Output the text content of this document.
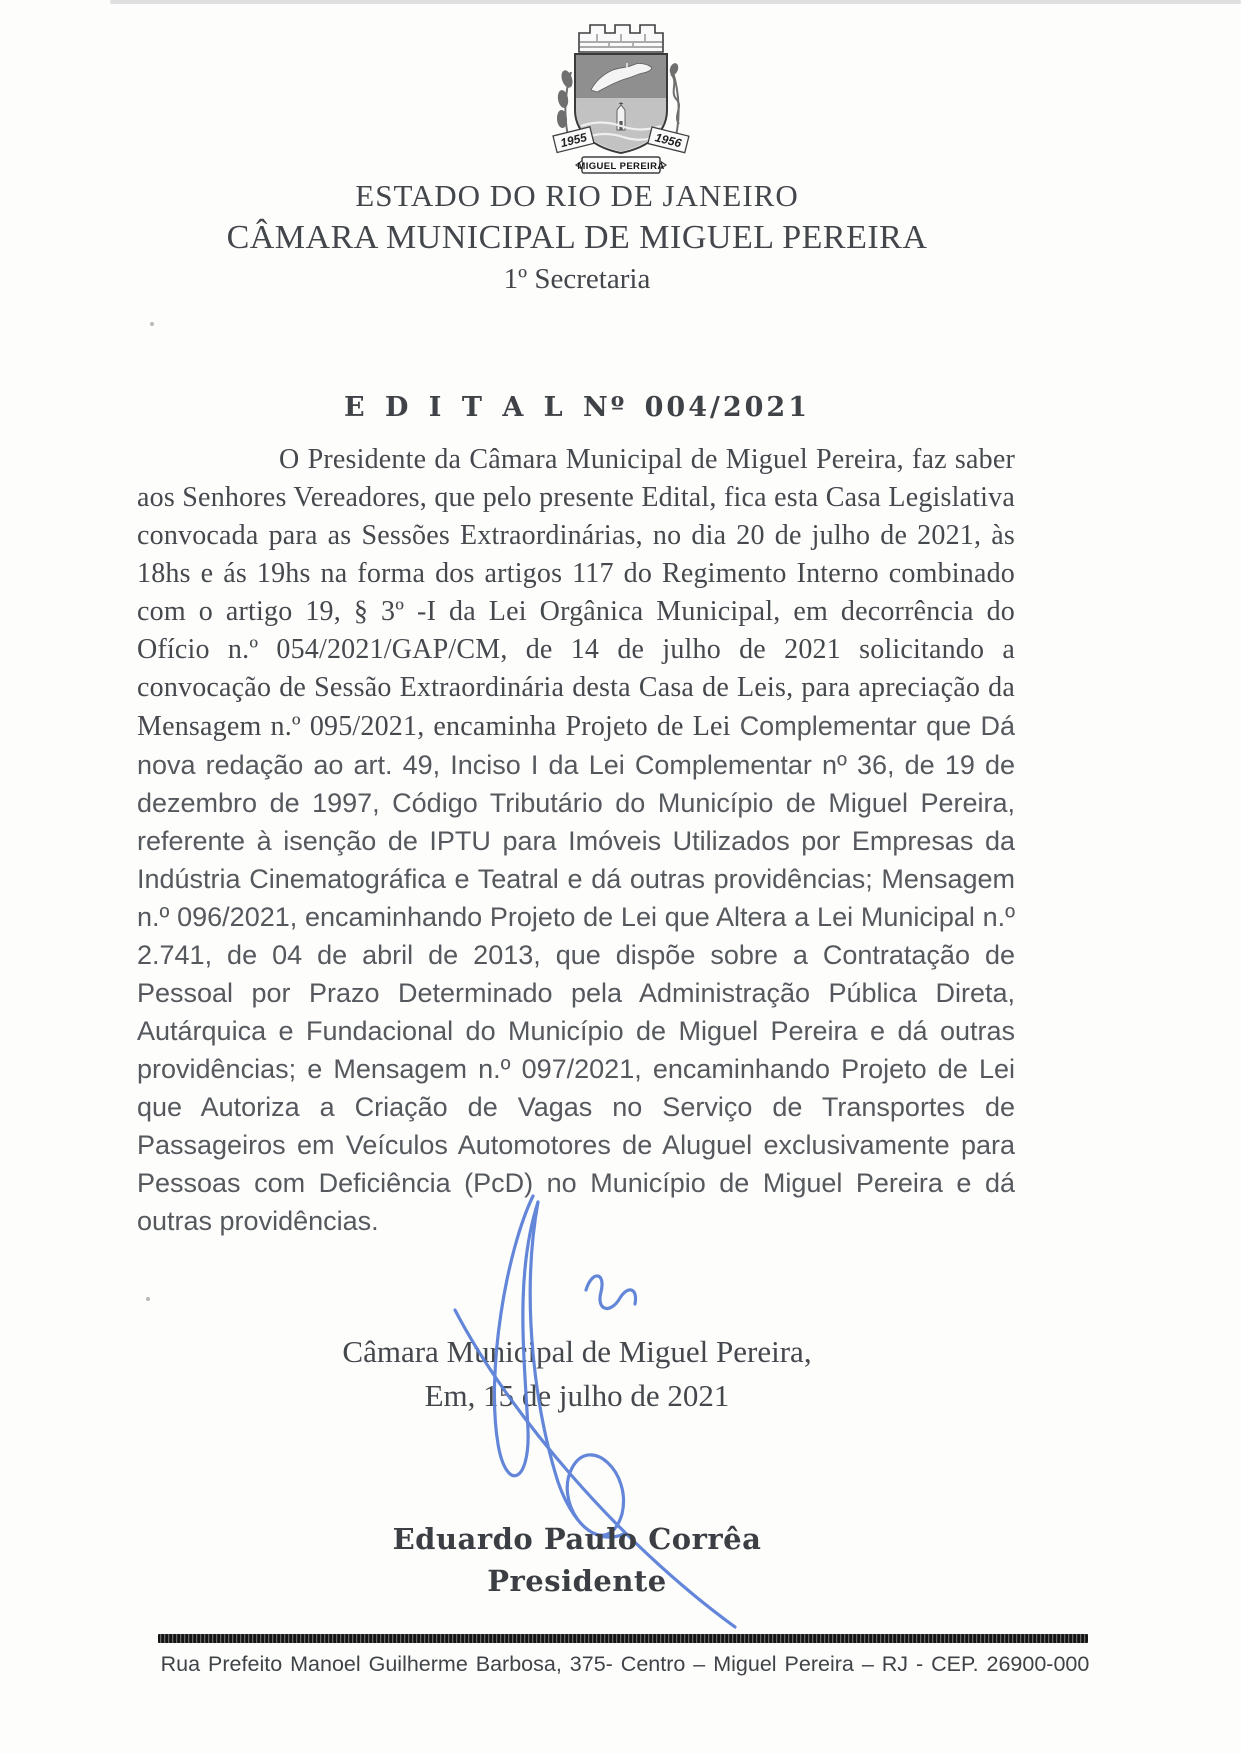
1955	1956
MIGUEL PEREIRA
ESTADO DO RIO DE JANEIRO
CÂMARA MUNICIPAL DE MIGUEL PEREIRA
1º Secretaria
E D I T A L Nº 004/2021
O Presidente da Câmara Municipal de Miguel Pereira, faz saber aos Senhores Vereadores, que pelo presente Edital, fica esta Casa Legislativa convocada para as Sessões Extraordinárias, no dia 20 de julho de 2021, às 18hs e ás 19hs na forma dos artigos 117 do Regimento Interno combinado com o artigo 19, § 3º -I da Lei Orgânica Municipal, em decorrência do Ofício n.º 054/2021/GAP/CM, de 14 de julho de 2021 solicitando a convocação de Sessão Extraordinária desta Casa de Leis, para apreciação da Mensagem n.º 095/2021, encaminha Projeto de Lei Complementar que Dá nova redação ao art. 49, Inciso I da Lei Complementar nº 36, de 19 de dezembro de 1997, Código Tributário do Município de Miguel Pereira, referente à isenção de IPTU para Imóveis Utilizados por Empresas da Indústria Cinematográfica e Teatral e dá outras providências; Mensagem n.º 096/2021, encaminhando Projeto de Lei que Altera a Lei Municipal n.º 2.741, de 04 de abril de 2013, que dispõe sobre a Contratação de Pessoal por Prazo Determinado pela Administração Pública Direta, Autárquica e Fundacional do Município de Miguel Pereira e dá outras providências; e Mensagem n.º 097/2021, encaminhando Projeto de Lei que Autoriza a Criação de Vagas no Serviço de Transportes de Passageiros em Veículos Automotores de Aluguel exclusivamente para Pessoas com Deficiência (PcD) no Município de Miguel Pereira e dá outras providências.
Câmara Municipal de Miguel Pereira,
Em, 15 de julho de 2021
Eduardo Paulo Corrêa
Presidente
Rua Prefeito Manoel Guilherme Barbosa, 375- Centro – Miguel Pereira – RJ - CEP. 26900-000
